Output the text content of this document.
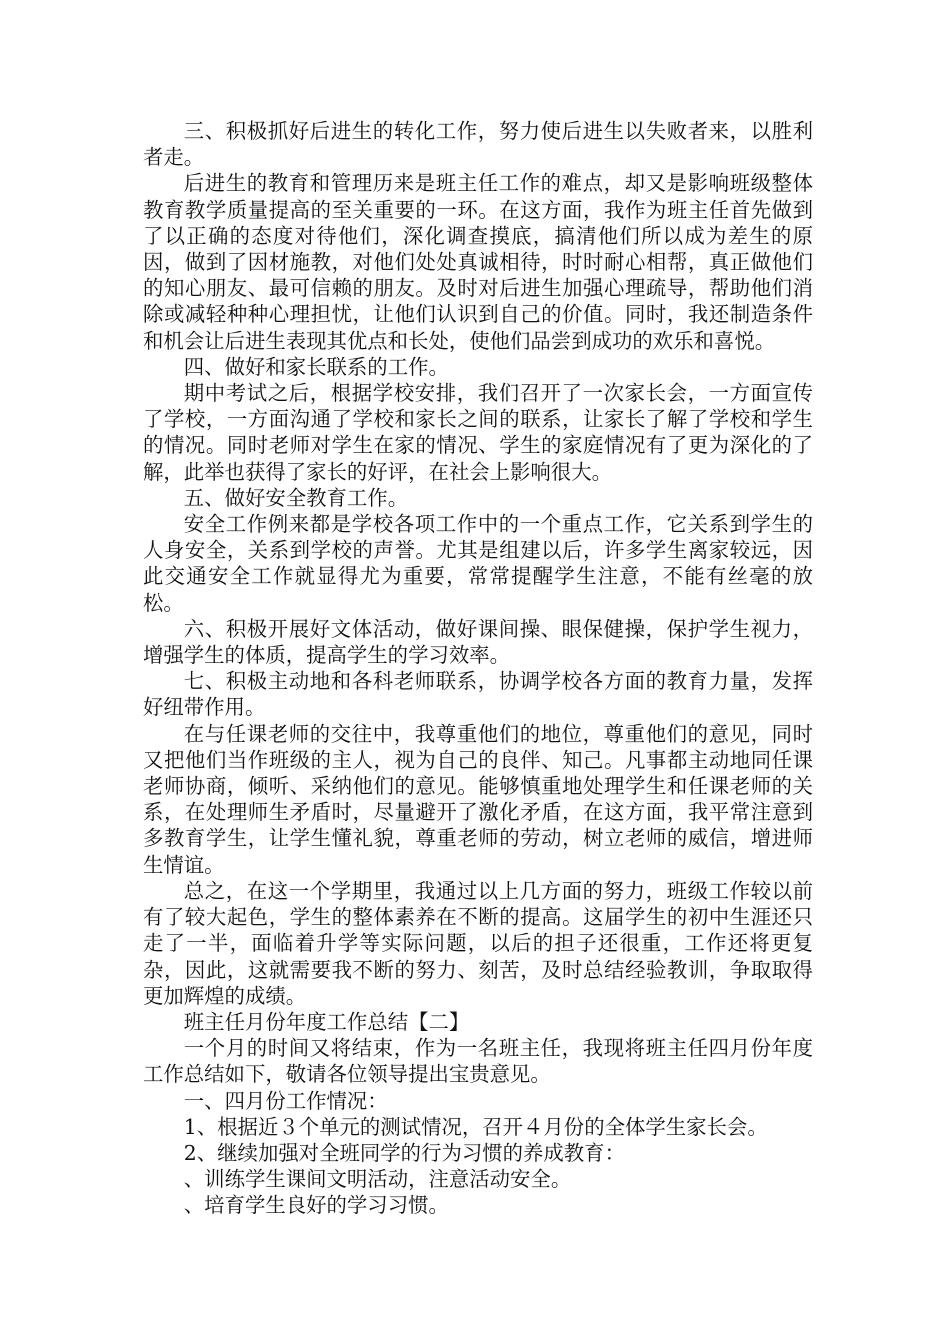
三、积极抓好后进生的转化工作，努力使后进生以失败者来，以胜利者走。

后进生的教育和管理历来是班主任工作的难点，却又是影响班级整体教育教学质量提高的至关重要的一环。在这方面，我作为班主任首先做到了以正确的态度对待他们，深化调查摸底，搞清他们所以成为差生的原因，做到了因材施教，对他们处处真诚相待，时时耐心相帮，真正做他们的知心朋友、最可信赖的朋友。及时对后进生加强心理疏导，帮助他们消除或减轻种种心理担忧，让他们认识到自己的价值。同时，我还制造条件和机会让后进生表现其优点和长处，使他们品尝到成功的欢乐和喜悦。

四、做好和家长联系的工作。

期中考试之后，根据学校安排，我们召开了一次家长会，一方面宣传了学校，一方面沟通了学校和家长之间的联系，让家长了解了学校和学生的情况。同时老师对学生在家的情况、学生的家庭情况有了更为深化的了解，此举也获得了家长的好评，在社会上影响很大。

五、做好安全教育工作。

安全工作例来都是学校各项工作中的一个重点工作，它关系到学生的人身安全，关系到学校的声誉。尤其是组建以后，许多学生离家较远，因此交通安全工作就显得尤为重要，常常提醒学生注意，不能有丝毫的放松。

六、积极开展好文体活动，做好课间操、眼保健操，保护学生视力，增强学生的体质，提高学生的学习效率。

七、积极主动地和各科老师联系，协调学校各方面的教育力量，发挥好纽带作用。

在与任课老师的交往中，我尊重他们的地位，尊重他们的意见，同时又把他们当作班级的主人，视为自己的良伴、知己。凡事都主动地同任课老师协商，倾听、采纳他们的意见。能够慎重地处理学生和任课老师的关系，在处理师生矛盾时，尽量避开了激化矛盾，在这方面，我平常注意到多教育学生，让学生懂礼貌，尊重老师的劳动，树立老师的威信，增进师生情谊。

总之，在这一个学期里，我通过以上几方面的努力，班级工作较以前有了较大起色，学生的整体素养在不断的提高。这届学生的初中生涯还只走了一半，面临着升学等实际问题，以后的担子还很重，工作还将更复杂，因此，这就需要我不断的努力、刻苦，及时总结经验教训，争取取得更加辉煌的成绩。

班主任月份年度工作总结【二】

一个月的时间又将结束，作为一名班主任，我现将班主任四月份年度工作总结如下，敬请各位领导提出宝贵意见。

一、四月份工作情况：

1、根据近３个单元的测试情况，召开４月份的全体学生家长会。

2、继续加强对全班同学的行为习惯的养成教育：

、训练学生课间文明活动，注意活动安全。

、培育学生良好的学习习惯。
